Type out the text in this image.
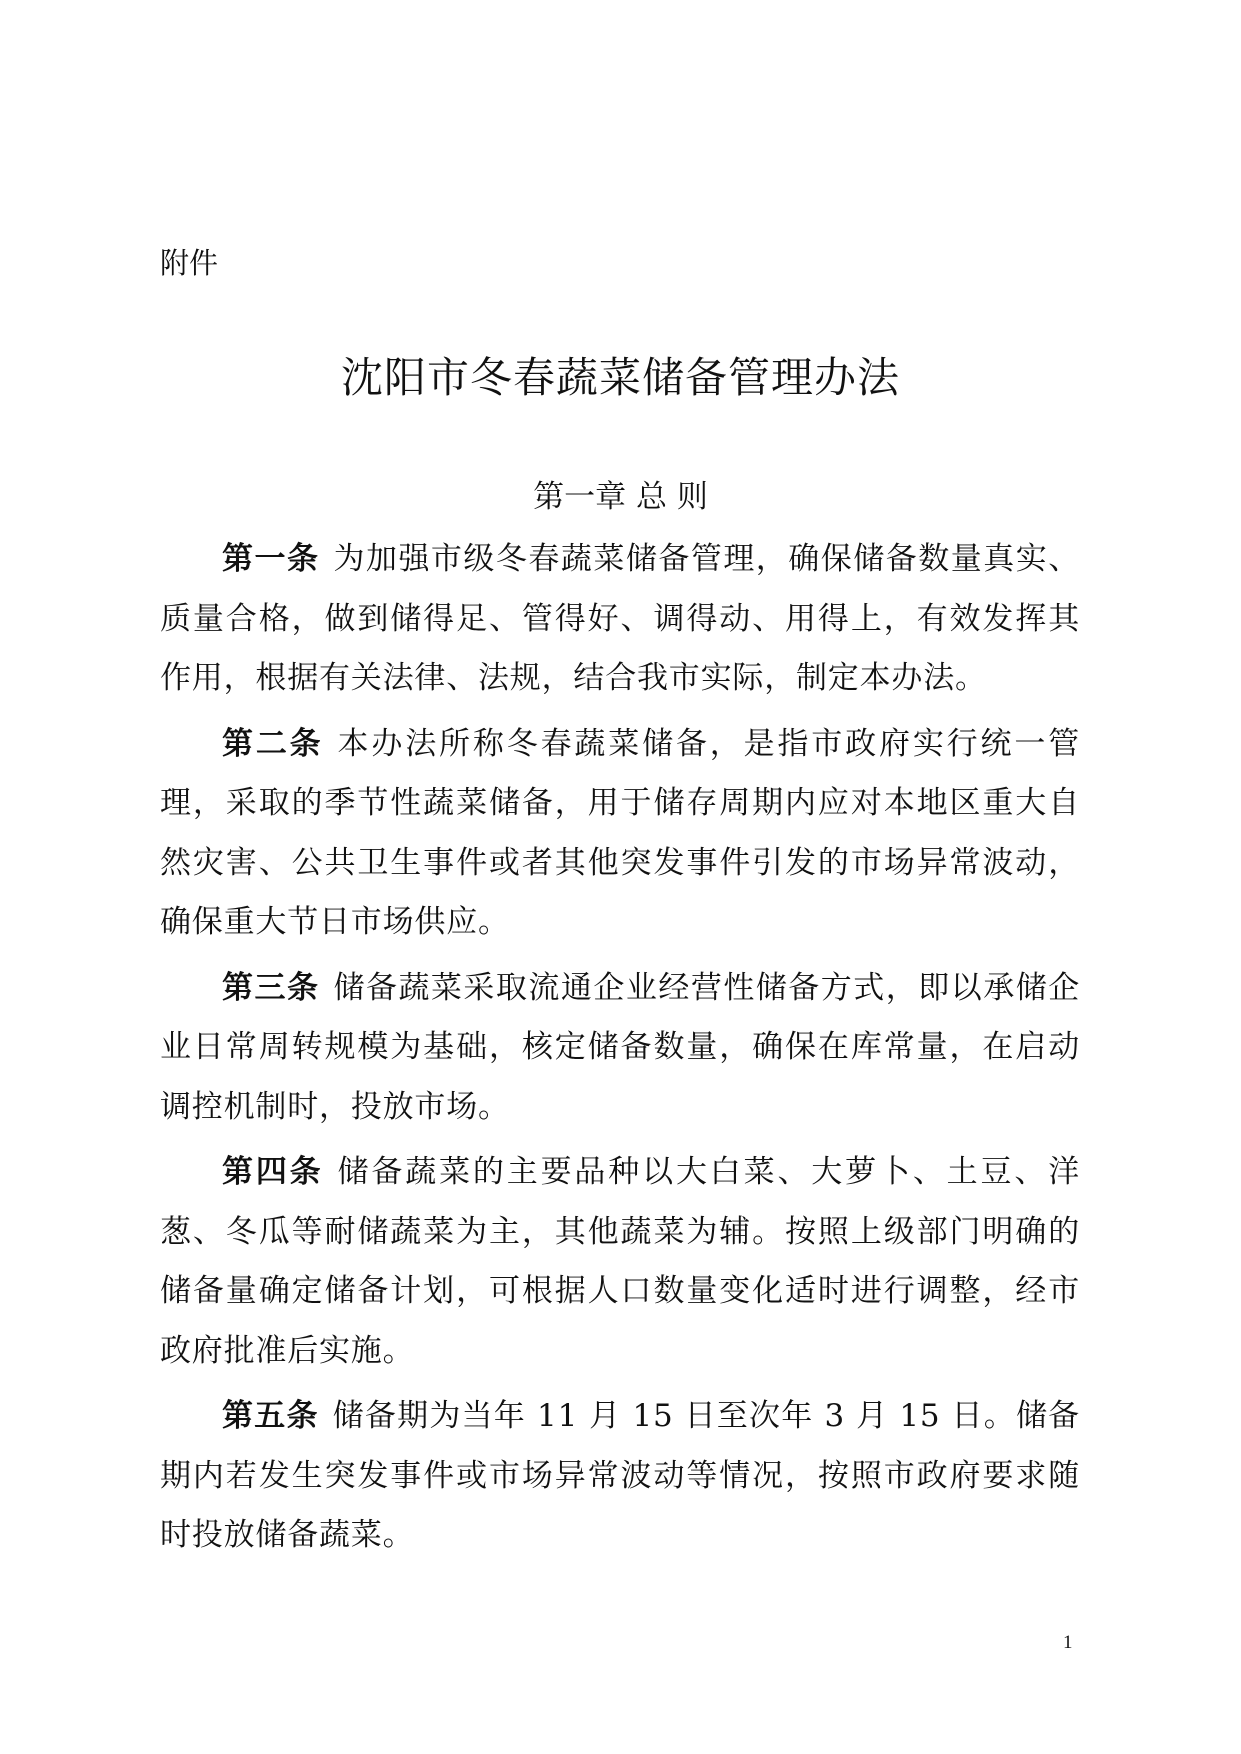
附件
沈阳市冬春蔬菜储备管理办法
第一章 总 则

第一条 为加强市级冬春蔬菜储备管理，确保储备数量真实、质量合格，做到储得足、管得好、调得动、用得上，有效发挥其作用，根据有关法律、法规，结合我市实际，制定本办法。

第二条 本办法所称冬春蔬菜储备，是指市政府实行统一管理，采取的季节性蔬菜储备，用于储存周期内应对本地区重大自然灾害、公共卫生事件或者其他突发事件引发的市场异常波动，确保重大节日市场供应。

第三条 储备蔬菜采取流通企业经营性储备方式，即以承储企业日常周转规模为基础，核定储备数量，确保在库常量，在启动调控机制时，投放市场。

第四条 储备蔬菜的主要品种以大白菜、大萝卜、土豆、洋葱、冬瓜等耐储蔬菜为主，其他蔬菜为辅。按照上级部门明确的储备量确定储备计划，可根据人口数量变化适时进行调整，经市政府批准后实施。

第五条 储备期为当年 11 月 15 日至次年 3 月 15 日。储备期内若发生突发事件或市场异常波动等情况，按照市政府要求随时投放储备蔬菜。

1
